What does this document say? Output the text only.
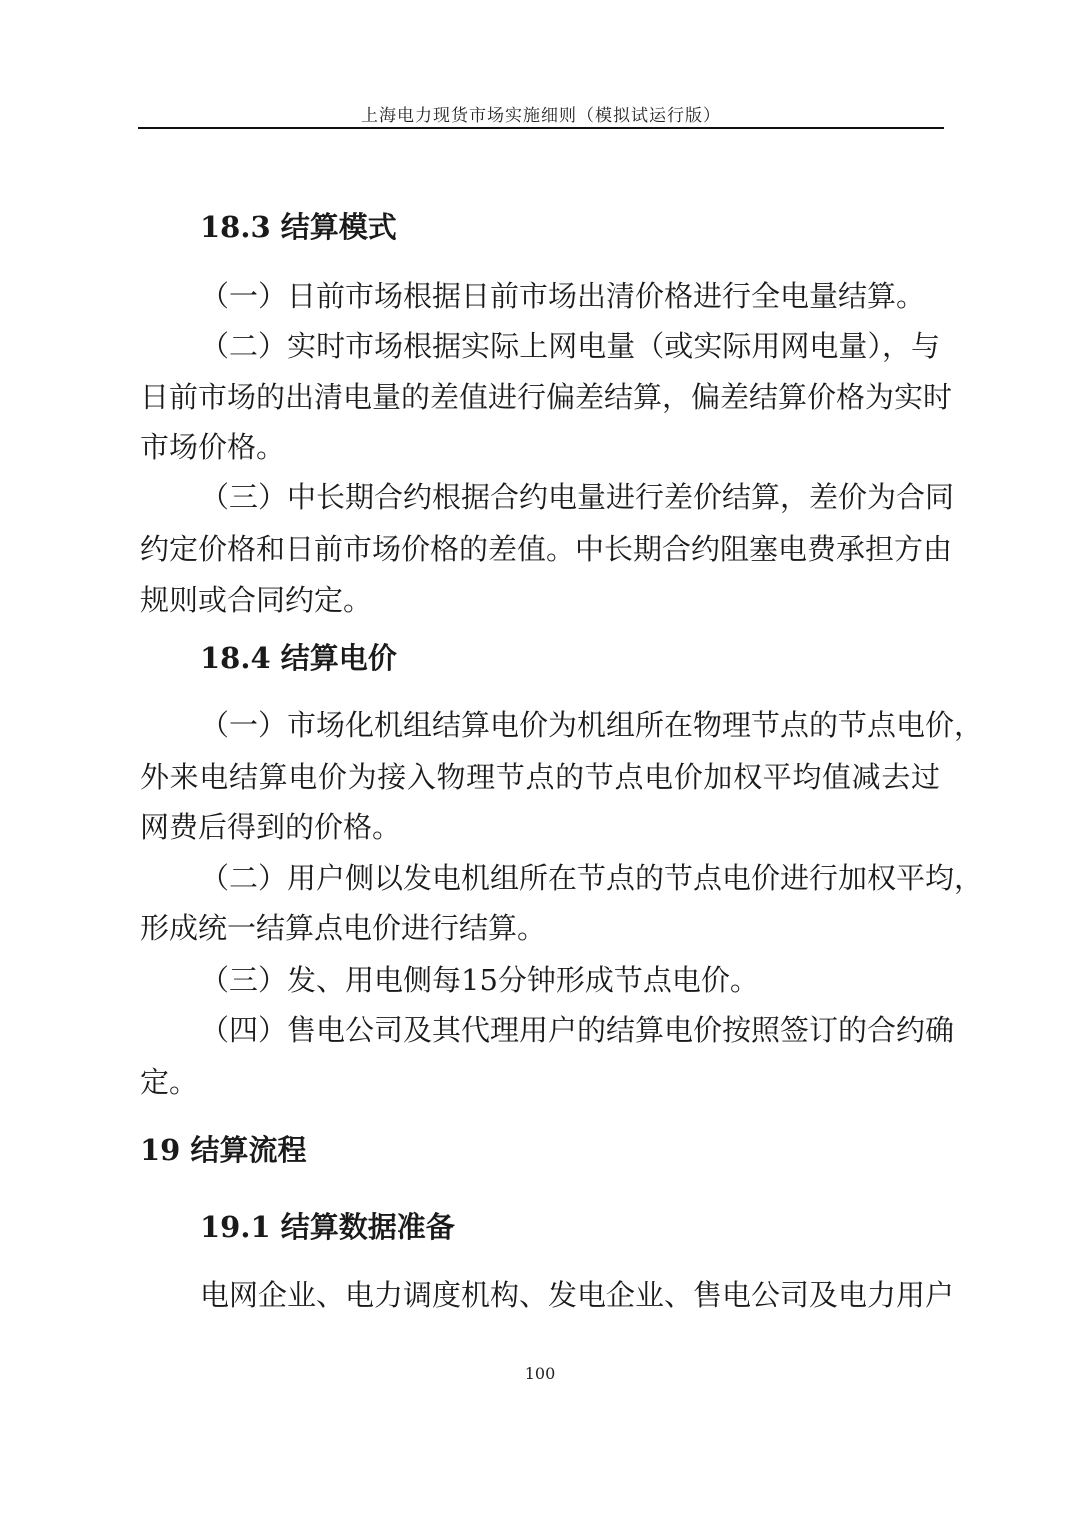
上海电力现货市场实施细则（模拟试运行版）
18.3 结算模式
（一）日前市场根据日前市场出清价格进行全电量结算。
（二）实时市场根据实际上网电量（或实际用网电量），与
日前市场的出清电量的差值进行偏差结算，偏差结算价格为实时
市场价格。
（三）中长期合约根据合约电量进行差价结算，差价为合同
约定价格和日前市场价格的差值。中长期合约阻塞电费承担方由
规则或合同约定。
18.4 结算电价
（一）市场化机组结算电价为机组所在物理节点的节点电价，
外来电结算电价为接入物理节点的节点电价加权平均值减去过
网费后得到的价格。
（二）用户侧以发电机组所在节点的节点电价进行加权平均，
形成统一结算点电价进行结算。
（三）发、用电侧每15分钟形成节点电价。
（四）售电公司及其代理用户的结算电价按照签订的合约确
定。
19 结算流程
19.1 结算数据准备
电网企业、电力调度机构、发电企业、售电公司及电力用户
100
